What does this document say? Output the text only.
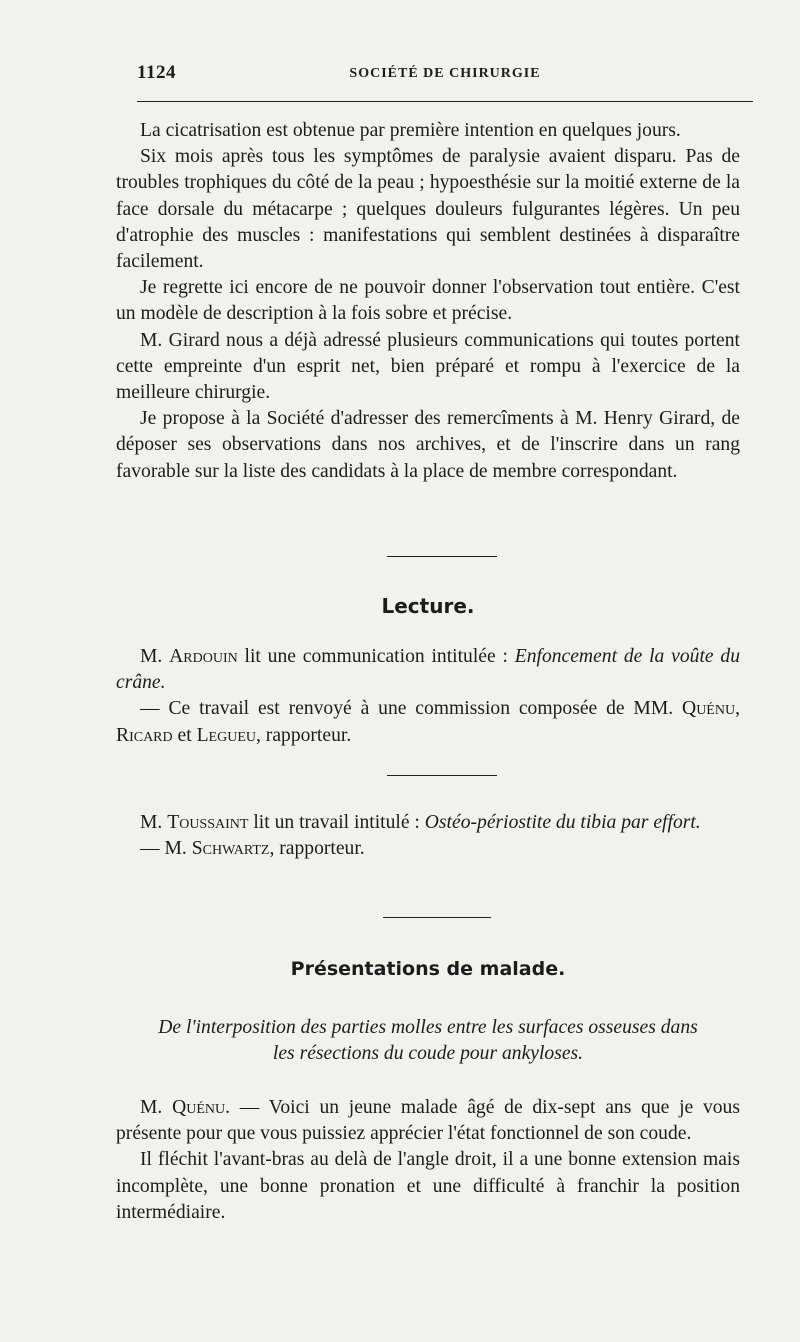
1124	SOCIÉTÉ DE CHIRURGIE

La cicatrisation est obtenue par première intention en quelques jours.

Six mois après tous les symptômes de paralysie avaient disparu. Pas de troubles trophiques du côté de la peau ; hypoesthésie sur la moitié externe de la face dorsale du métacarpe ; quelques douleurs fulgurantes légères. Un peu d'atrophie des muscles : manifestations qui semblent destinées à disparaître facilement.

Je regrette ici encore de ne pouvoir donner l'observation tout entière. C'est un modèle de description à la fois sobre et précise.

M. Girard nous a déjà adressé plusieurs communications qui toutes portent cette empreinte d'un esprit net, bien préparé et rompu à l'exercice de la meilleure chirurgie.

Je propose à la Société d'adresser des remercîments à M. Henry Girard, de déposer ses observations dans nos archives, et de l'inscrire dans un rang favorable sur la liste des candidats à la place de membre correspondant.

Lecture.

M. Ardouin lit une communication intitulée : Enfoncement de la voûte du crâne.

— Ce travail est renvoyé à une commission composée de MM. Quénu, Ricard et Legueu, rapporteur.

M. Toussaint lit un travail intitulé : Ostéo-périostite du tibia par effort.

— M. Schwartz, rapporteur.

Présentations de malade.
De l'interposition des parties molles entre les surfaces osseuses dans
les résections du coude pour ankyloses.

M. Quénu. — Voici un jeune malade âgé de dix-sept ans que je vous présente pour que vous puissiez apprécier l'état fonctionnel de son coude.

Il fléchit l'avant-bras au delà de l'angle droit, il a une bonne extension mais incomplète, une bonne pronation et une difficulté à franchir la position intermédiaire.
